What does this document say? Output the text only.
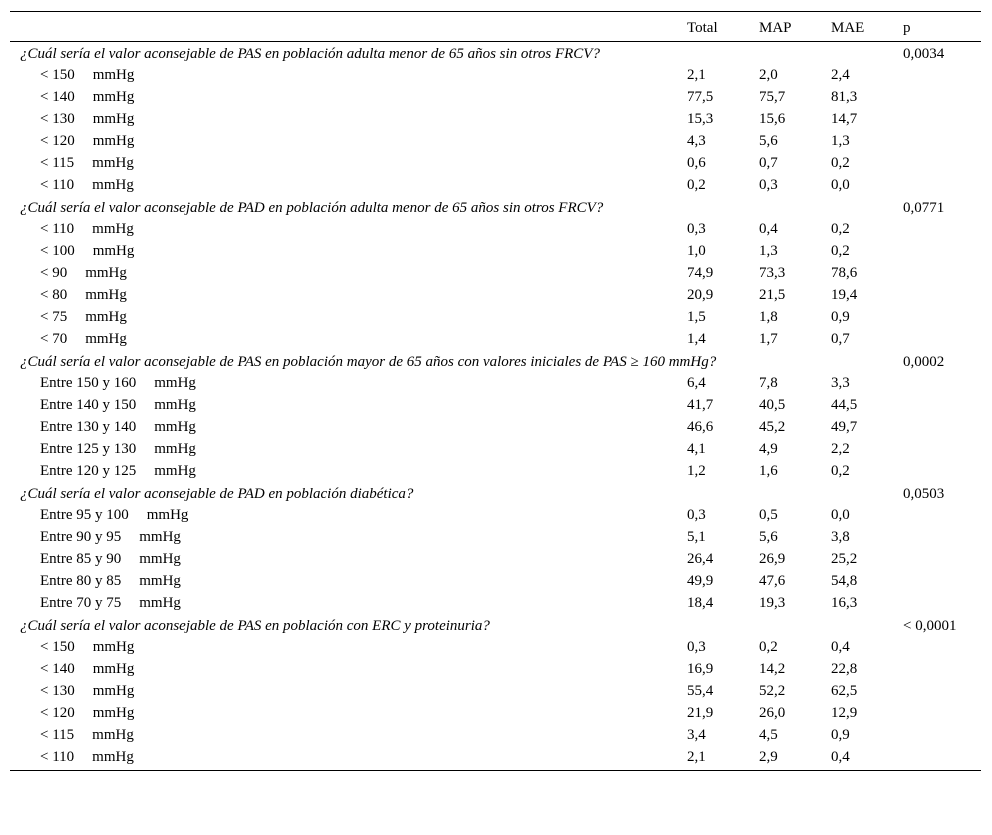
	Total	MAP	MAE	p
¿Cuál sería el valor aconsejable de PAS en población adulta menor de 65 años sin otros FRCV?				0,0034
< 150 mmHg	2,1	2,0	2,4	
< 140 mmHg	77,5	75,7	81,3	
< 130 mmHg	15,3	15,6	14,7	
< 120 mmHg	4,3	5,6	1,3	
< 115 mmHg	0,6	0,7	0,2	
< 110 mmHg	0,2	0,3	0,0	
¿Cuál sería el valor aconsejable de PAD en población adulta menor de 65 años sin otros FRCV?				0,0771
< 110 mmHg	0,3	0,4	0,2	
< 100 mmHg	1,0	1,3	0,2	
< 90 mmHg	74,9	73,3	78,6	
< 80 mmHg	20,9	21,5	19,4	
< 75 mmHg	1,5	1,8	0,9	
< 70 mmHg	1,4	1,7	0,7	
¿Cuál sería el valor aconsejable de PAS en población mayor de 65 años con valores iniciales de PAS ≥ 160 mmHg?				0,0002
Entre 150 y 160 mmHg	6,4	7,8	3,3	
Entre 140 y 150 mmHg	41,7	40,5	44,5	
Entre 130 y 140 mmHg	46,6	45,2	49,7	
Entre 125 y 130 mmHg	4,1	4,9	2,2	
Entre 120 y 125 mmHg	1,2	1,6	0,2	
¿Cuál sería el valor aconsejable de PAD en población diabética?				0,0503
Entre 95 y 100 mmHg	0,3	0,5	0,0	
Entre 90 y 95 mmHg	5,1	5,6	3,8	
Entre 85 y 90 mmHg	26,4	26,9	25,2	
Entre 80 y 85 mmHg	49,9	47,6	54,8	
Entre 70 y 75 mmHg	18,4	19,3	16,3	
¿Cuál sería el valor aconsejable de PAS en población con ERC y proteinuria?				< 0,0001
< 150 mmHg	0,3	0,2	0,4	
< 140 mmHg	16,9	14,2	22,8	
< 130 mmHg	55,4	52,2	62,5	
< 120 mmHg	21,9	26,0	12,9	
< 115 mmHg	3,4	4,5	0,9	
< 110 mmHg	2,1	2,9	0,4	
